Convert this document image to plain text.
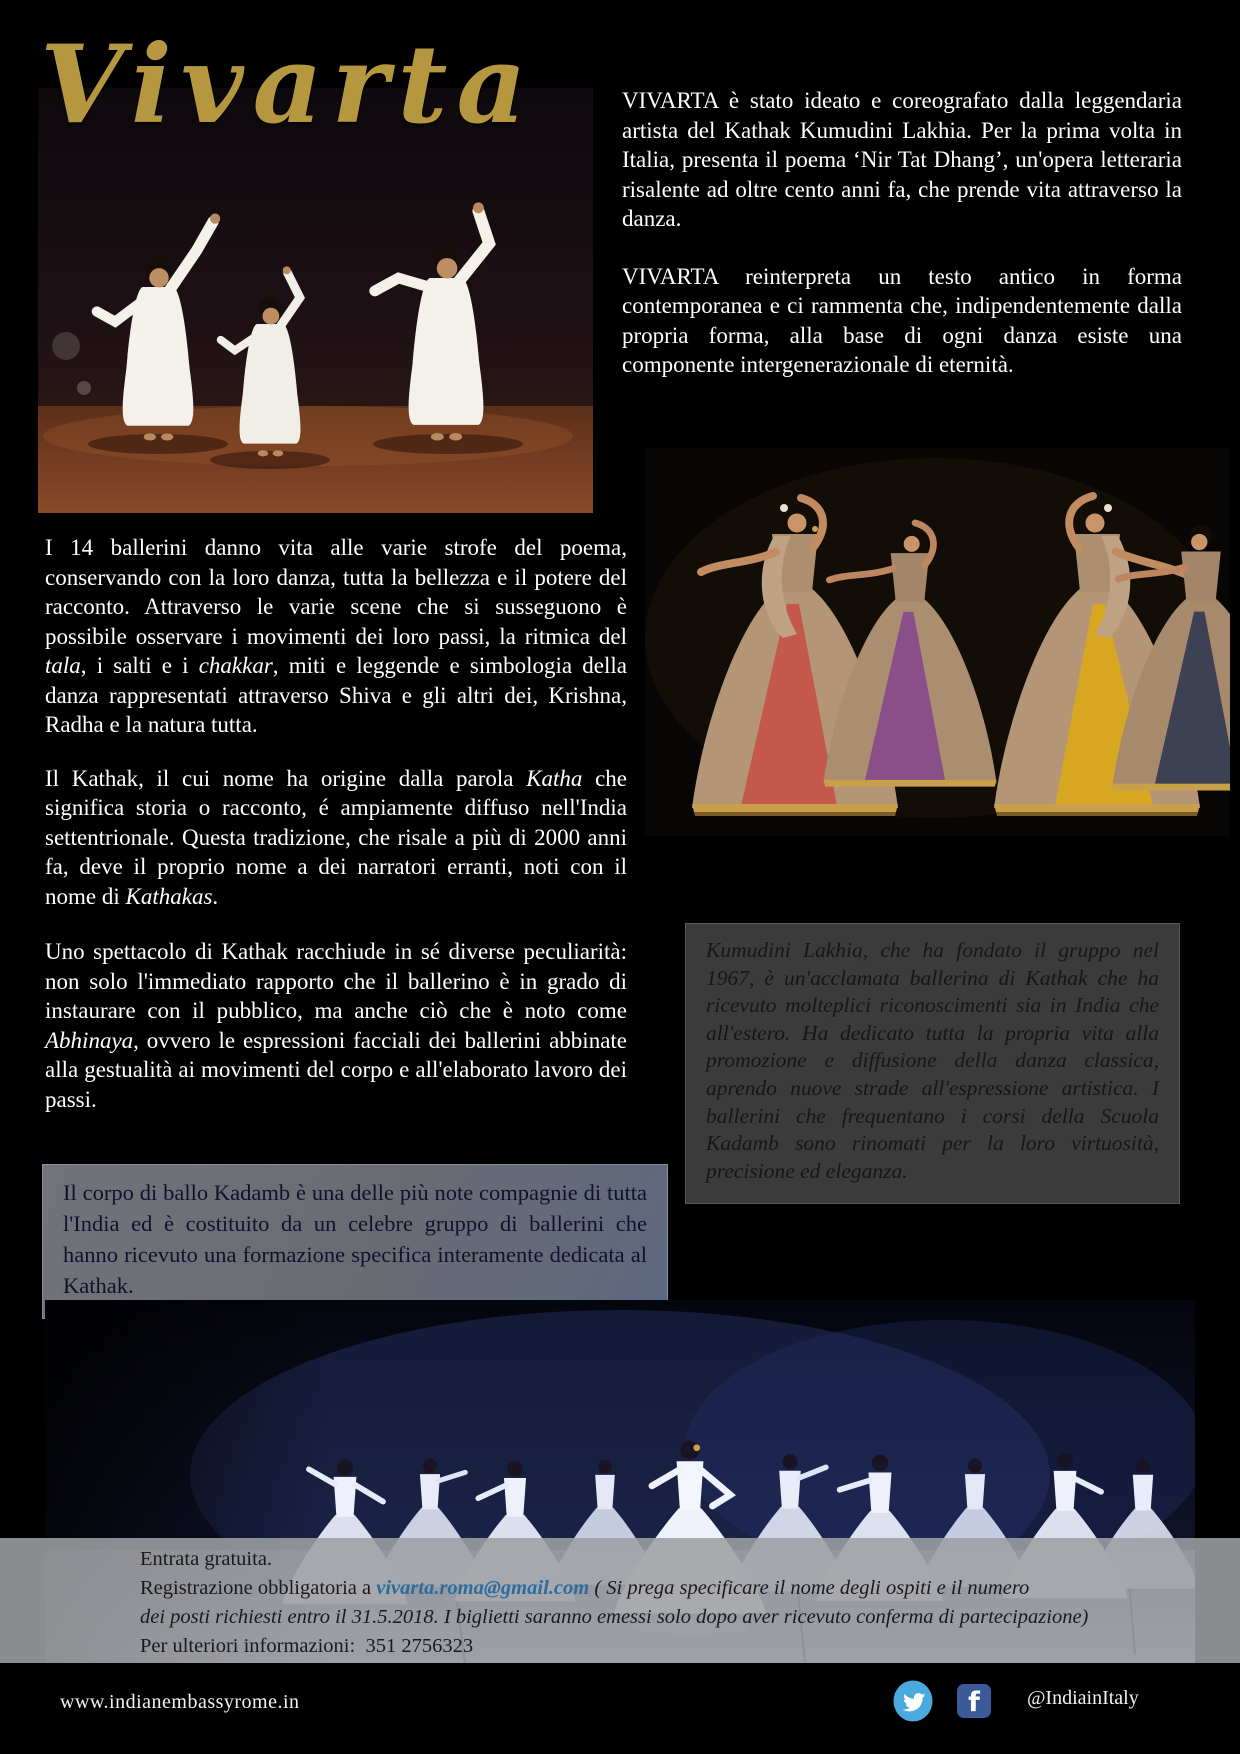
Vivarta	VIVARTA è stato ideato e coreografato dalla leggendaria artista del Kathak Kumudini Lakhia. Per la prima volta in Italia, presenta il poema ‘Nir Tat Dhang’, un'opera letteraria risalente ad oltre cento anni fa, che prende vita attraverso la danza.

VIVARTA reinterpreta un testo antico in forma contemporanea e ci rammenta che, indipendentemente dalla propria forma, alla base di ogni danza esiste una componente intergenerazionale di eternità.

I 14 ballerini danno vita alle varie strofe del poema, conservando con la loro danza, tutta la bellezza e il potere del racconto. Attraverso le varie scene che si susseguono è possibile osservare i movimenti dei loro passi, la ritmica del tala, i salti e i chakkar, miti e leggende e simbologia della danza rappresentati attraverso Shiva e gli altri dei, Krishna, Radha e la natura tutta.

Il Kathak, il cui nome ha origine dalla parola Katha che significa storia o racconto, é ampiamente diffuso nell'India settentrionale. Questa tradizione, che risale a più di 2000 anni fa, deve il proprio nome a dei narratori erranti, noti con il nome di Kathakas.

Uno spettacolo di Kathak racchiude in sé diverse peculiarità: non solo l'immediato rapporto che il ballerino è in grado di instaurare con il pubblico, ma anche ciò che è noto come Abhinaya, ovvero le espressioni facciali dei ballerini abbinate alla gestualità ai movimenti del corpo e all'elaborato lavoro dei passi.

Kumudini Lakhia, che ha fondato il gruppo nel 1967, è un'acclamata ballerina di Kathak che ha ricevuto molteplici riconoscimenti sia in India che all'estero. Ha dedicato tutta la propria vita alla promozione e diffusione della danza classica, aprendo nuove strade all'espressione artistica. I ballerini che frequentano i corsi della Scuola Kadamb sono rinomati per la loro virtuosità, precisione ed eleganza.
Il corpo di ballo Kadamb è una delle più note compagnie di tutta l'India ed è costituito da un celebre gruppo di ballerini che hanno ricevuto una formazione specifica interamente dedicata al Kathak.
Entrata gratuita.
Registrazione obbligatoria a vivarta.roma@gmail.com ( Si prega specificare il nome degli ospiti e il numero
dei posti richiesti entro il 31.5.2018. I biglietti saranno emessi solo dopo aver ricevuto conferma di partecipazione)
Per ulteriori informazioni: 351 2756323
www.indianembassyrome.in	f @IndiainItaly
